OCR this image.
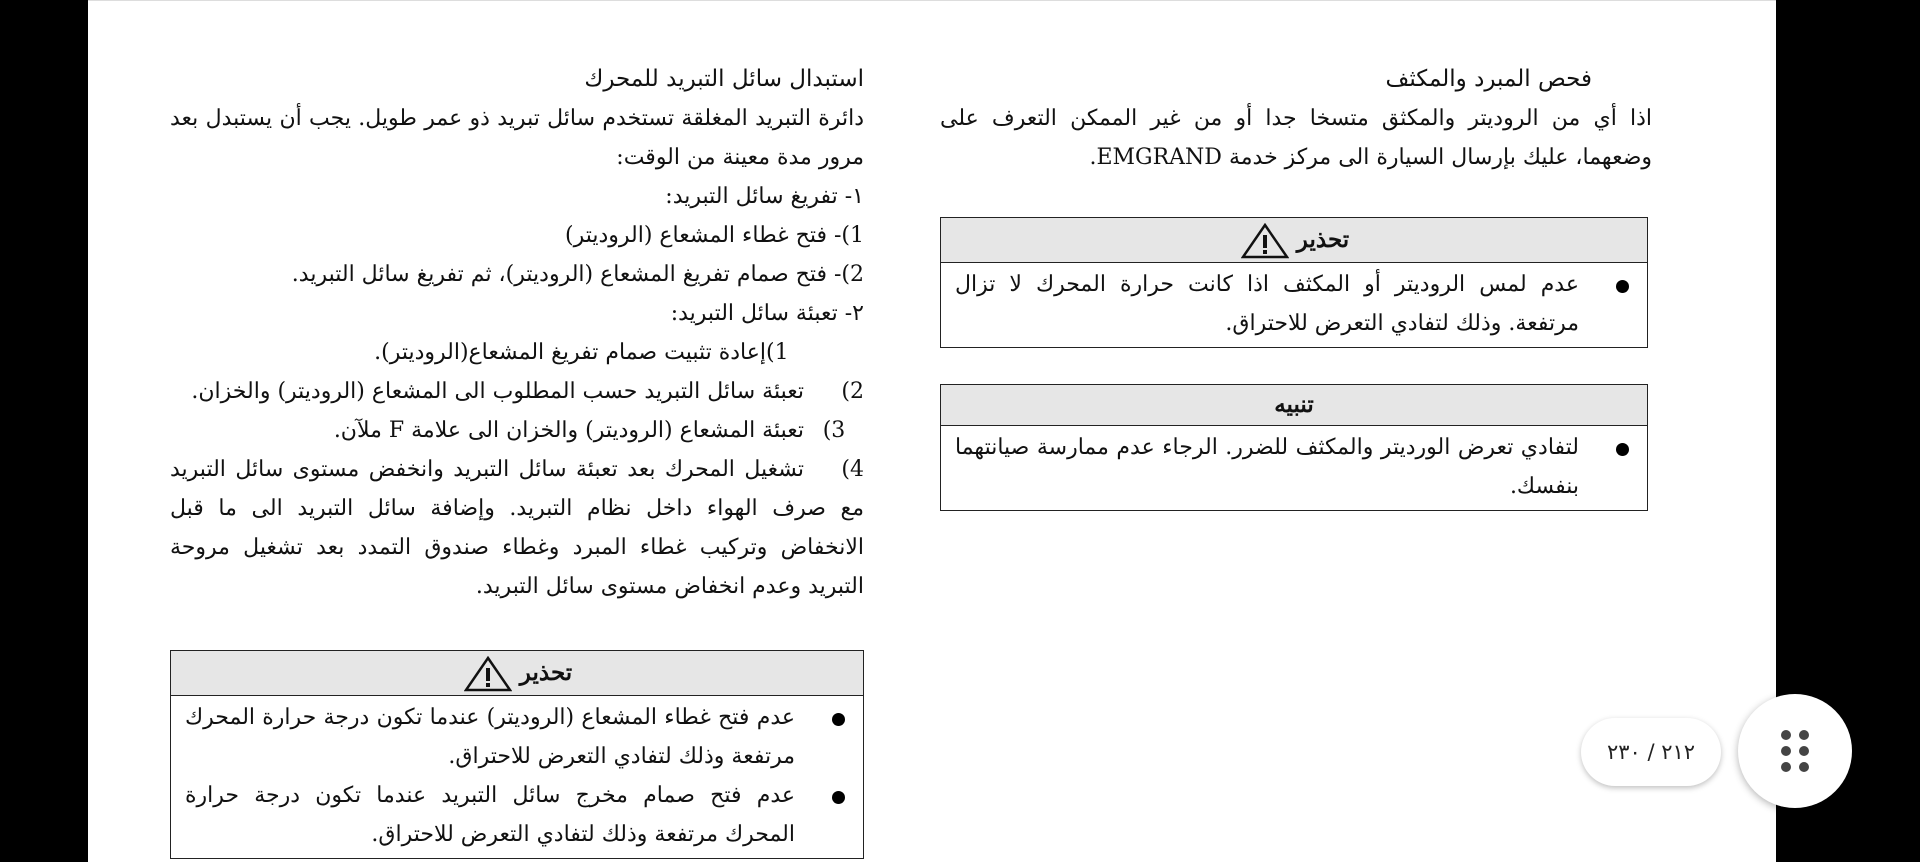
استبدال سائل التبريد للمحرك

دائرة التبريد المغلقة تستخدم سائل تبريد ذو عمر طويل. يجب أن يستبدل بعد مرور مدة معينة من الوقت:

١- تفريغ سائل التبريد:

1)- فتح غطاء المشعاع (الروديتر)

2)- فتح صمام تفريغ المشعاع (الروديتر)، ثم تفريغ سائل التبريد.

٢- تعبئة سائل التبريد:

1)إعادة تثبيت صمام تفريغ المشعاع(الروديتر).

2)تعبئة سائل التبريد حسب المطلوب الى المشعاع (الروديتر) والخزان.

3)تعبئة المشعاع (الروديتر) والخزان الى علامة F ملآن.

4)تشغيل المحرك بعد تعبئة سائل التبريد وانخفض مستوى سائل التبريد مع صرف الهواء داخل نظام التبريد. وإضافة سائل التبريد الى ما قبل الانخفاض وتركيب غطاء المبرد وغطاء صندوق التمدد بعد تشغيل مروحة التبريد وعدم انخفاض مستوى سائل التبريد.

تحذير
عدم فتح غطاء المشعاع (الروديتر) عندما تكون درجة حرارة المحرك مرتفعة وذلك لتفادي التعرض للاحتراق.
عدم فتح صمام مخرج سائل التبريد عندما تكون درجة حرارة المحرك مرتفعة وذلك لتفادي التعرض للاحتراق.

فحص المبرد والمكثف

اذا أي من الروديتر والمكثق متسخا جدا أو من غير الممكن التعرف على وضعهما، عليك بإرسال السيارة الى مركز خدمة EMGRAND.

تحذير
عدم لمس الروديتر أو المكثف اذا كانت حرارة المحرك لا تزال مرتفعة. وذلك لتفادي التعرض للاحتراق.
تنبيه
لتفادي تعرض الورديتر والمكثف للضرر. الرجاء عدم ممارسة صيانتهما بنفسك.
٢١٢ / ٢٣٠
